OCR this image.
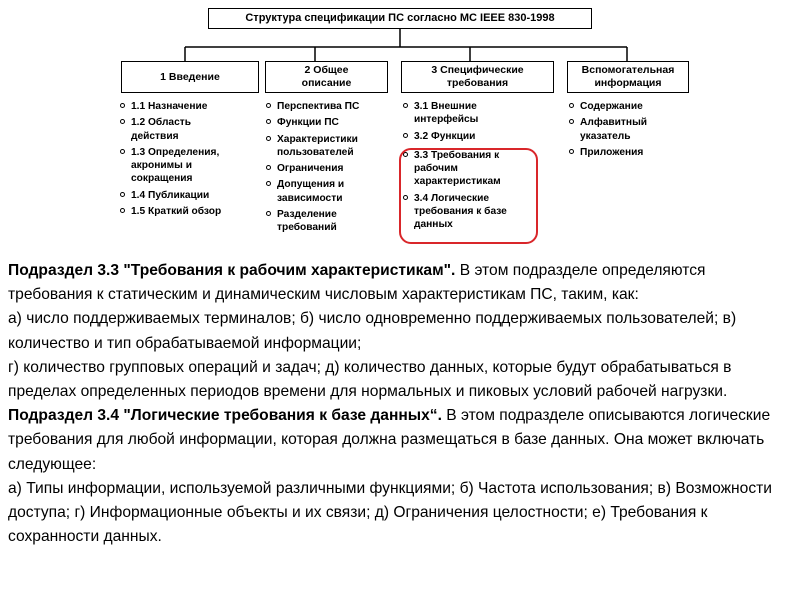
Структура спецификации ПС согласно МС IEEE 830-1998
1 Введение
2 Общее описание
3 Специфические требования
Вспомогательная информация
1.1 Назначение
1.2 Область действия
1.3 Определения, акронимы и сокращения
1.4 Публикации
1.5 Краткий обзор
Перспектива ПС
Функции ПС
Характеристики пользователей
Ограничения
Допущения и зависимости
Разделение требований
3.1 Внешние интерфейсы
3.2 Функции
3.3 Требования к рабочим характеристикам
3.4 Логические требования к базе данных
Содержание
Алфавитный указатель
Приложения

Подраздел 3.3 "Требования к рабочим характеристикам". В этом подразделе определяются требования к статическим и динамическим числовым характеристикам ПС, таким, как:

а) число поддерживаемых терминалов; б) число одновременно поддерживаемых пользователей; в) количество и тип обрабатываемой информации;

г) количество групповых операций и задач; д) количество данных, которые будут обрабатываться в пределах определенных периодов времени для нормальных и пиковых условий рабочей нагрузки.

Подраздел 3.4 "Логические требования к базе данных“. В этом подразделе описываются логические требования для любой информации, которая должна размещаться в базе данных. Она может включать следующее:

а) Типы информации, используемой различными функциями; б) Частота использования; в) Возможности доступа; г) Информационные объекты и их связи; д) Ограничения целостности; е) Требования к сохранности данных.
